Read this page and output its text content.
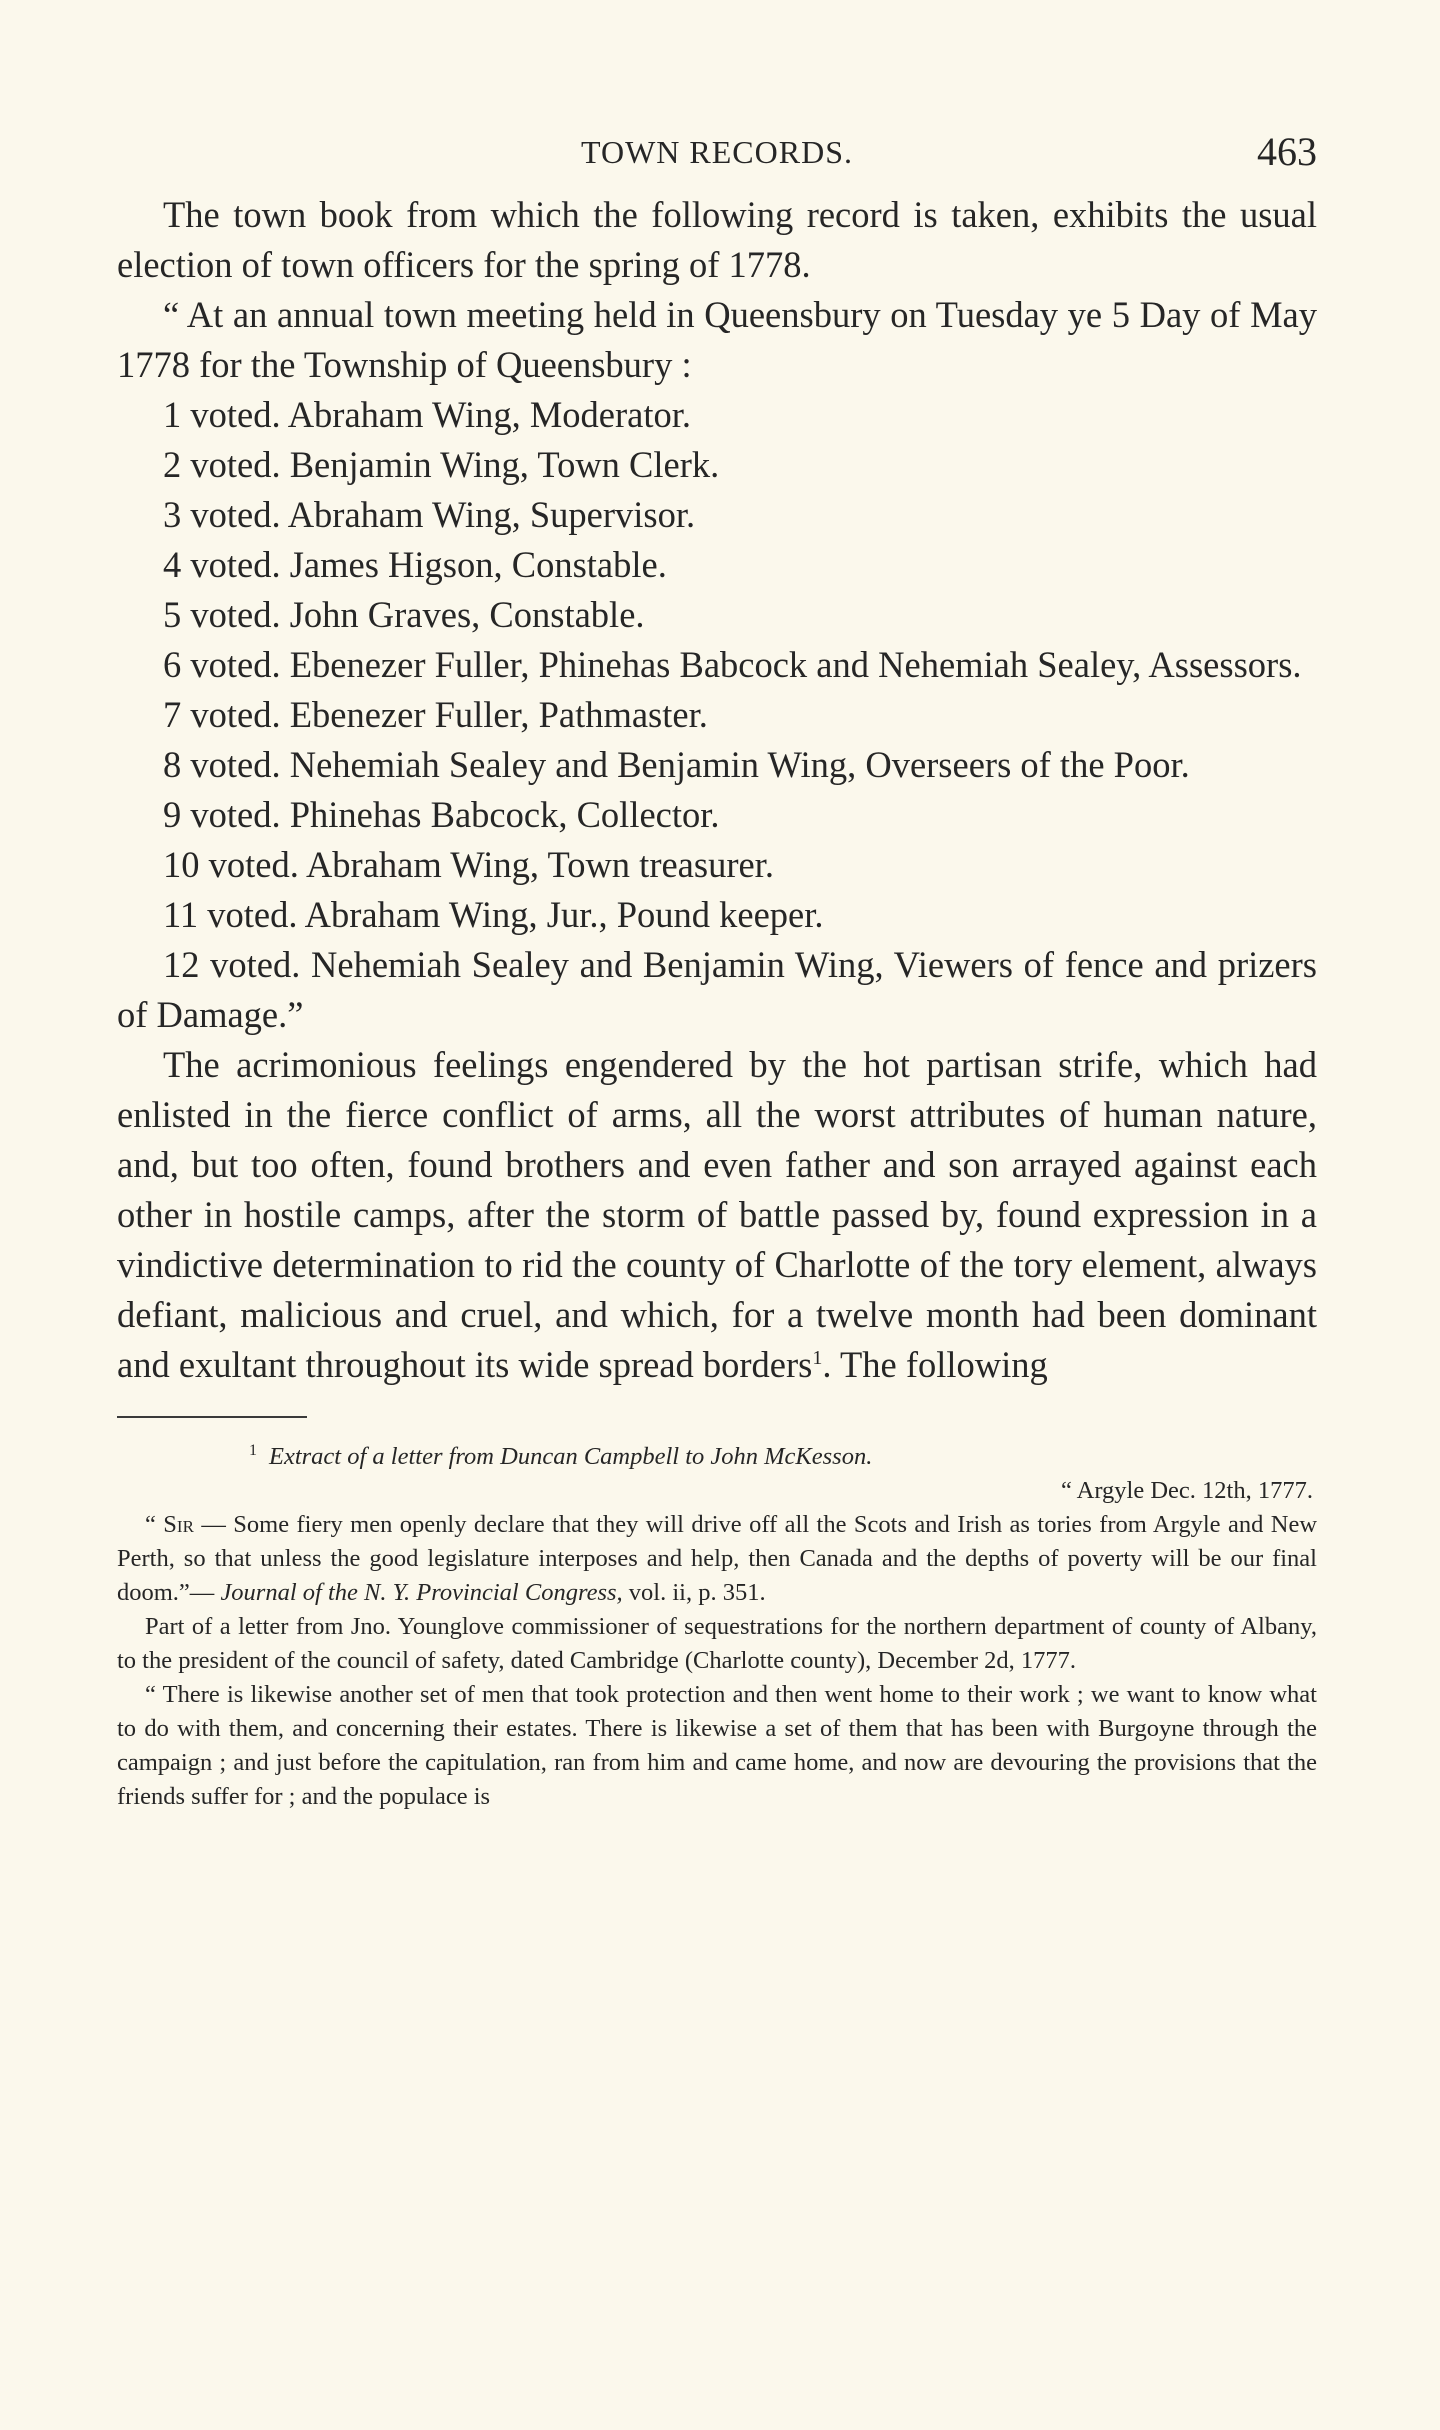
TOWN RECORDS.	463

The town book from which the following record is taken, exhibits the usual election of town officers for the spring of 1778.

“ At an annual town meeting held in Queensbury on Tuesday ye 5 Day of May 1778 for the Township of Queensbury :

1 voted. Abraham Wing, Moderator.

2 voted. Benjamin Wing, Town Clerk.

3 voted. Abraham Wing, Supervisor.

4 voted. James Higson, Constable.

5 voted. John Graves, Constable.

6 voted. Ebenezer Fuller, Phinehas Babcock and Nehemiah Sealey, Assessors.

7 voted. Ebenezer Fuller, Pathmaster.

8 voted. Nehemiah Sealey and Benjamin Wing, Overseers of the Poor.

9 voted. Phinehas Babcock, Collector.

10 voted. Abraham Wing, Town treasurer.

11 voted. Abraham Wing, Jur., Pound keeper.

12 voted. Nehemiah Sealey and Benjamin Wing, Viewers of fence and prizers of Damage.”

The acrimonious feelings engendered by the hot partisan strife, which had enlisted in the fierce conflict of arms, all the worst attributes of human nature, and, but too often, found brothers and even father and son arrayed against each other in hostile camps, after the storm of battle passed by, found expression in a vindictive determination to rid the county of Charlotte of the tory element, always defiant, malicious and cruel, and which, for a twelve month had been dominant and exultant throughout its wide spread borders$^1$. The following

$^1$ Extract of a letter from Duncan Campbell to John McKesson.

“ Argyle Dec. 12th, 1777.

“ Sir — Some fiery men openly declare that they will drive off all the Scots and Irish as tories from Argyle and New Perth, so that unless the good legislature interposes and help, then Canada and the depths of poverty will be our final doom.”— Journal of the N. Y. Provincial Congress, vol. ii, p. 351.

Part of a letter from Jno. Younglove commissioner of sequestrations for the northern department of county of Albany, to the president of the council of safety, dated Cambridge (Charlotte county), December 2d, 1777.

“ There is likewise another set of men that took protection and then went home to their work ; we want to know what to do with them, and concerning their estates. There is likewise a set of them that has been with Burgoyne through the campaign ; and just before the capitulation, ran from him and came home, and now are devouring the provisions that the friends suffer for ; and the populace is
